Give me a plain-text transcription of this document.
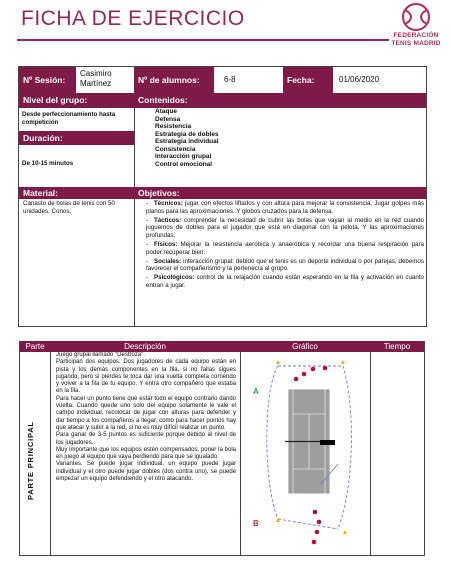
FICHA DE EJERCICIO
FEDERACIÓN
TENIS MADRID
Nº Sesión:
Casimiro Martínez	Nº de alumnos:	6-8	Fecha:	01/06/2020
Nivel del grupo:	Contenidos:
Desde perfeccionamiento hasta competición
Duración:
De 10-15 minutos
Ataque
Defensa
Resistencia
Estrategia de dobles
Estrategia individual
Consistencia
Interacción grupal
Control emocional
Material:	Objetivos:
Canasto de bolas de tenis con 50 unidades. Conos.

- Técnicos: jugar con efectos liftados y con altura para mejorar la consistencia. Jugar golpes más planos para las aproximaciones. Y globos cruzados para la defensa.

- Tácticos: comprender la necesidad de cubrir las bolas que vayan al medio en la red cuando juguemos de dobles para el jugador que está en diagonal con la pelota. Y las aproximaciones profundas.

- Físicos: Mejorar la resistencia aeróbica y anaeróbica y recordar una buena respiración para poder recuperar bien.

- Sociales: interacción grupal: debido que el tenis es un deporte individual o por parejas, debemos favorecer el compañerismo y la pertenecía al grupo.

- Psicológicos: control de la relajación cuando están esperando en la fila y activación en cuanto entran a jugar.

Parte	Descripción	Gráfico	Tiempo
PARTE PRINCIPAL

Juego grupal llamado "Destroza".

Participan dos equipos. Dos jugadores de cada equipo están en pista y los demás componentes en la fila, si no fallas sigues jugando, pero si pierdes te toca dar una vuelta completa corriendo y volver a la fila de tu equipo. Y entra otro compañero que estaba en la fila.

Para hacer un punto tiene que estar todo el equipo contrario dando vuelta. Cuando quede uno solo del equipo solamente le vale el campo individual, recolocar de jugar con alturas para defender y dar tiempo a los compañeros a llegar, como para hacer puntos hay que atacar y subir a la red, si no es muy difícil realizar un punto.

Para ganar de 3-5 puntos es suficiente porque debido al nivel de los jugadores.

Muy importante que los equipos estén compensados, poner la bola en juego al equipo que vaya perdiendo para que se igualado.

Variantes. Se puede jugar individual, un equipo puede jugar individual y el otro puede jugar dobles (dos contra uno), se puede empezar un equipo defendiendo y el otro atacando.

A
B
